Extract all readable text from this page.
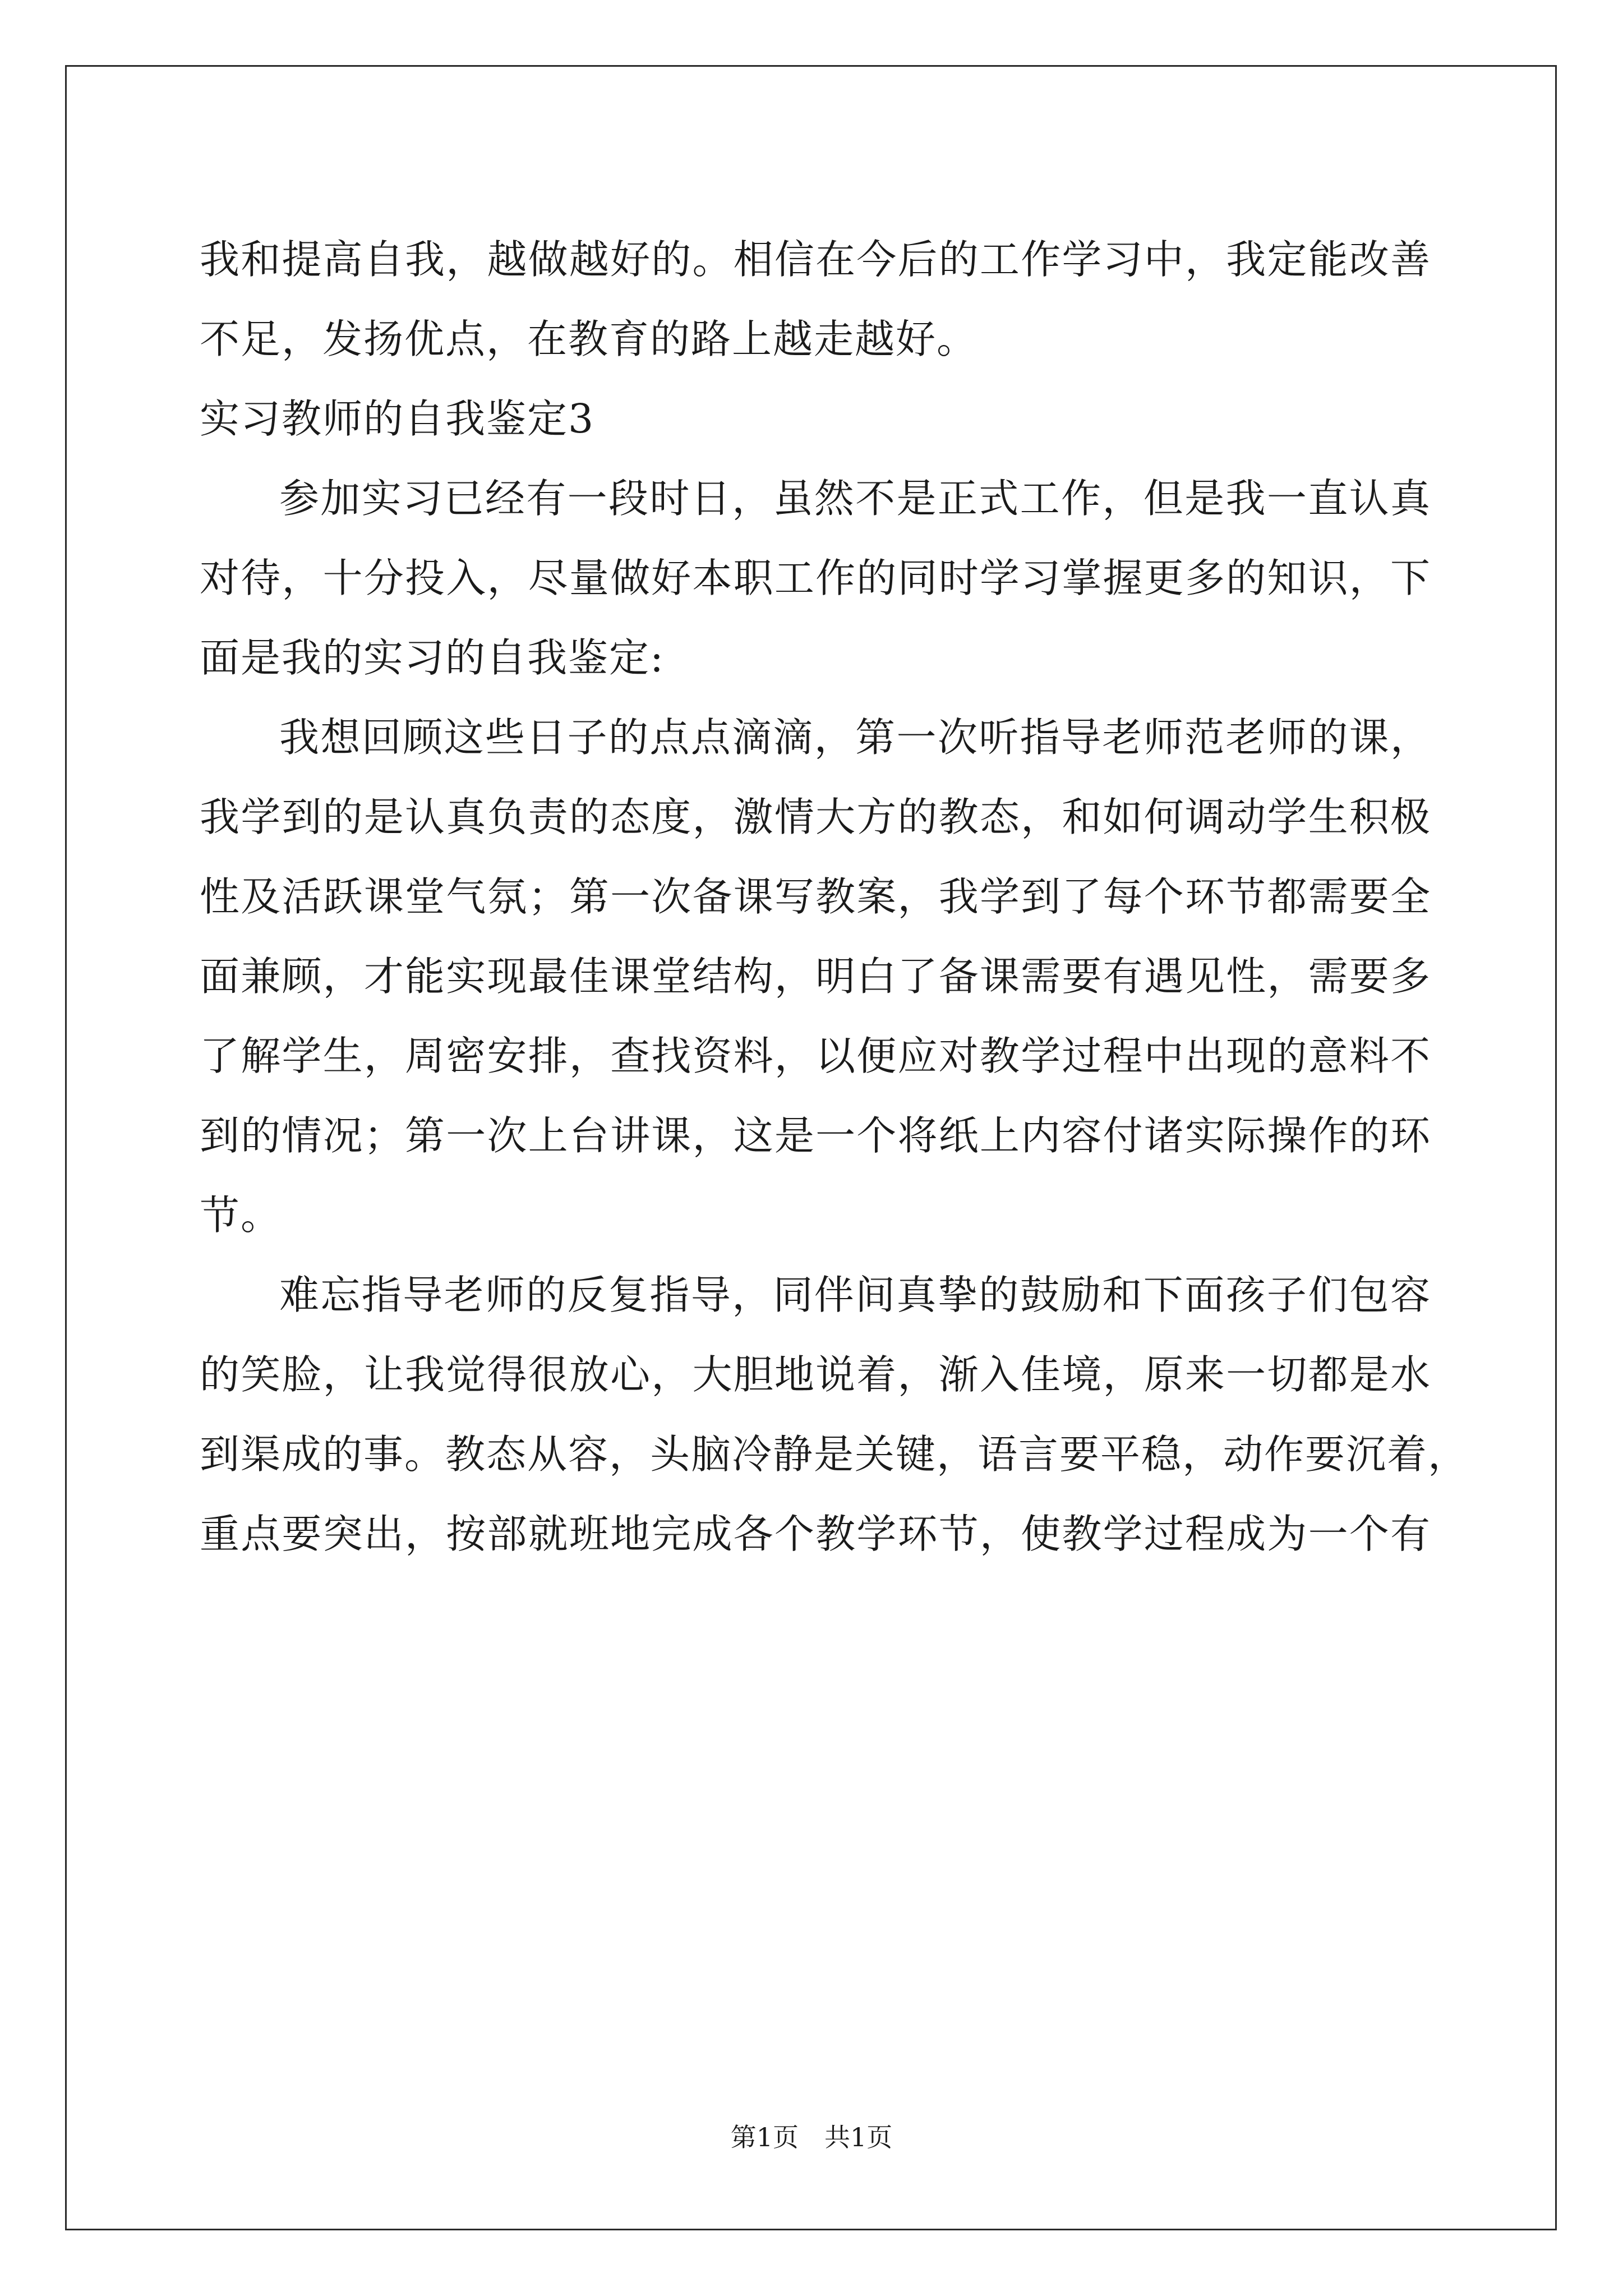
我和提高自我，越做越好的。相信在今后的工作学习中，我定能改善
不足，发扬优点，在教育的路上越走越好。
实习教师的自我鉴定3
参加实习已经有一段时日，虽然不是正式工作，但是我一直认真
对待，十分投入，尽量做好本职工作的同时学习掌握更多的知识，下
面是我的实习的自我鉴定:
我想回顾这些日子的点点滴滴，第一次听指导老师范老师的课，
我学到的是认真负责的态度，激情大方的教态，和如何调动学生积极
性及活跃课堂气氛；第一次备课写教案，我学到了每个环节都需要全
面兼顾，才能实现最佳课堂结构，明白了备课需要有遇见性，需要多
了解学生，周密安排，查找资料，以便应对教学过程中出现的意料不
到的情况；第一次上台讲课，这是一个将纸上内容付诸实际操作的环
节。
难忘指导老师的反复指导，同伴间真挚的鼓励和下面孩子们包容
的笑脸，让我觉得很放心，大胆地说着，渐入佳境，原来一切都是水
到渠成的事。教态从容，头脑冷静是关键，语言要平稳，动作要沉着，
重点要突出，按部就班地完成各个教学环节，使教学过程成为一个有
第1页　共1页
